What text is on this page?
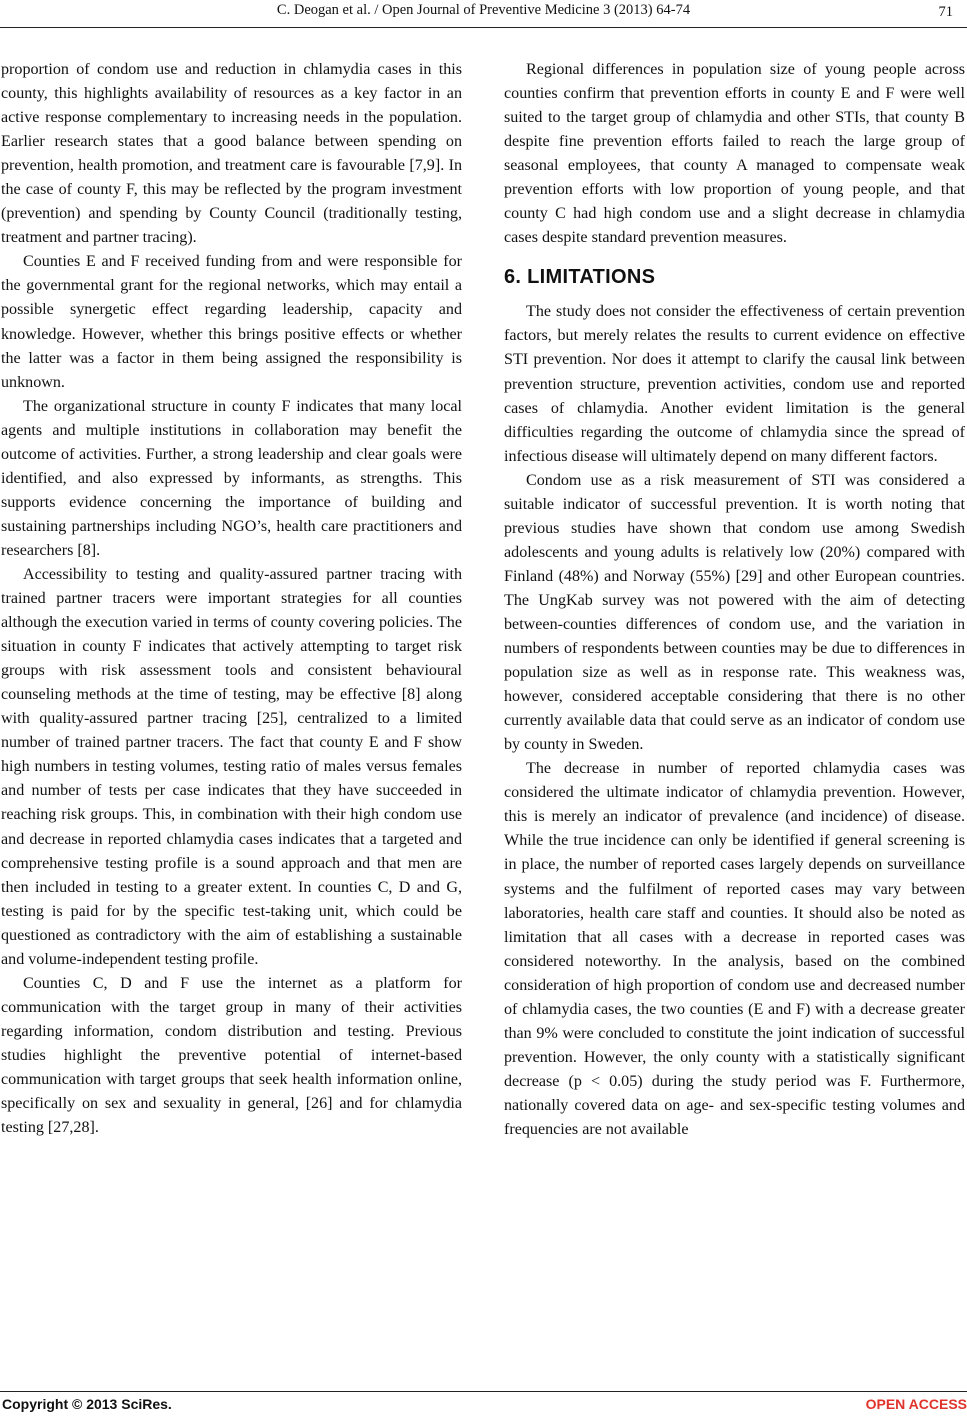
C. Deogan et al. / Open Journal of Preventive Medicine 3 (2013) 64-74	71

proportion of condom use and reduction in chlamydia cases in this county, this highlights availability of resources as a key factor in an active response complementary to increasing needs in the population. Earlier research states that a good balance between spending on prevention, health promotion, and treatment care is favourable [7,9]. In the case of county F, this may be reflected by the program investment (prevention) and spending by County Council (traditionally testing, treatment and partner tracing).

Counties E and F received funding from and were responsible for the governmental grant for the regional networks, which may entail a possible synergetic effect regarding leadership, capacity and knowledge. However, whether this brings positive effects or whether the latter was a factor in them being assigned the responsibility is unknown.

The organizational structure in county F indicates that many local agents and multiple institutions in collaboration may benefit the outcome of activities. Further, a strong leadership and clear goals were identified, and also expressed by informants, as strengths. This supports evidence concerning the importance of building and sustaining partnerships including NGO’s, health care practitioners and researchers [8].

Accessibility to testing and quality-assured partner tracing with trained partner tracers were important strategies for all counties although the execution varied in terms of county covering policies. The situation in county F indicates that actively attempting to target risk groups with risk assessment tools and consistent behavioural counseling methods at the time of testing, may be effective [8] along with quality-assured partner tracing [25], centralized to a limited number of trained partner tracers. The fact that county E and F show high numbers in testing volumes, testing ratio of males versus females and number of tests per case indicates that they have succeeded in reaching risk groups. This, in combination with their high condom use and decrease in reported chlamydia cases indicates that a targeted and comprehensive testing profile is a sound approach and that men are then included in testing to a greater extent. In counties C, D and G, testing is paid for by the specific test-taking unit, which could be questioned as contradictory with the aim of establishing a sustainable and volume-independent testing profile.

Counties C, D and F use the internet as a platform for communication with the target group in many of their activities regarding information, condom distribution and testing. Previous studies highlight the preventive potential of internet-based communication with target groups that seek health information online, specifically on sex and sexuality in general, [26] and for chlamydia testing [27,28].

Regional differences in population size of young people across counties confirm that prevention efforts in county E and F were well suited to the target group of chlamydia and other STIs, that county B despite fine prevention efforts failed to reach the large group of seasonal employees, that county A managed to compensate weak prevention efforts with low proportion of young people, and that county C had high condom use and a slight decrease in chlamydia cases despite standard prevention measures.

6. LIMITATIONS

The study does not consider the effectiveness of certain prevention factors, but merely relates the results to current evidence on effective STI prevention. Nor does it attempt to clarify the causal link between prevention structure, prevention activities, condom use and reported cases of chlamydia. Another evident limitation is the general difficulties regarding the outcome of chlamydia since the spread of infectious disease will ultimately depend on many different factors.

Condom use as a risk measurement of STI was considered a suitable indicator of successful prevention. It is worth noting that previous studies have shown that condom use among Swedish adolescents and young adults is relatively low (20%) compared with Finland (48%) and Norway (55%) [29] and other European countries. The UngKab survey was not powered with the aim of detecting between-counties differences of condom use, and the variation in numbers of respondents between counties may be due to differences in population size as well as in response rate. This weakness was, however, considered acceptable considering that there is no other currently available data that could serve as an indicator of condom use by county in Sweden.

The decrease in number of reported chlamydia cases was considered the ultimate indicator of chlamydia prevention. However, this is merely an indicator of prevalence (and incidence) of disease. While the true incidence can only be identified if general screening is in place, the number of reported cases largely depends on surveillance systems and the fulfilment of reported cases may vary between laboratories, health care staff and counties. It should also be noted as limitation that all cases with a decrease in reported cases was considered noteworthy. In the analysis, based on the combined consideration of high proportion of condom use and decreased number of chlamydia cases, the two counties (E and F) with a decrease greater than 9% were concluded to constitute the joint indication of successful prevention. However, the only county with a statistically significant decrease (p < 0.05) during the study period was F. Furthermore, nationally covered data on age- and sex-specific testing volumes and frequencies are not available

Copyright © 2013 SciRes.	OPEN ACCESS
